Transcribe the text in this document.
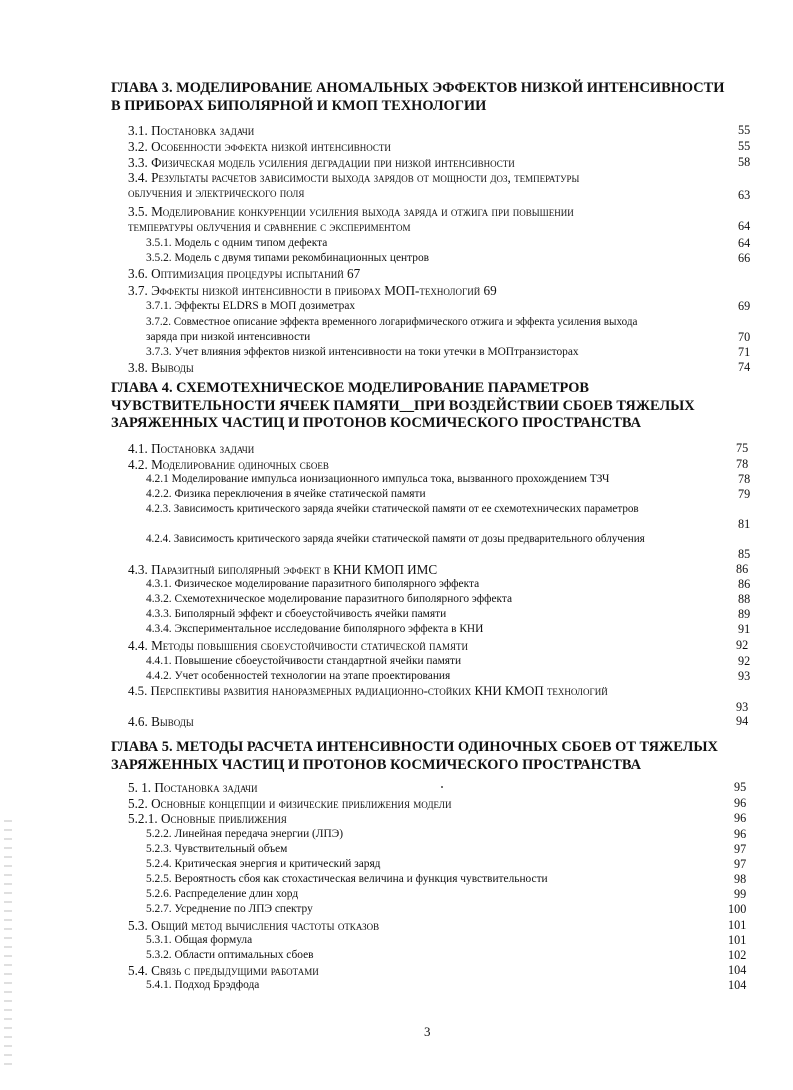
ГЛАВА 3. МОДЕЛИРОВАНИЕ АНОМАЛЬНЫХ ЭФФЕКТОВ НИЗКОЙ ИНТЕНСИВНОСТИ
В ПРИБОРАХ БИПОЛЯРНОЙ И КМОП ТЕХНОЛОГИИ
3.1. Постановка задачи	55
3.2. Особенности эффекта низкой интенсивности	55
3.3. Физическая модель усиления деградации при низкой интенсивности	58
3.4. Результаты расчетов зависимости выхода зарядов от мощности доз, температуры
облучения и электрического поля	63
3.5. Моделирование конкуренции усиления выхода заряда и отжига при повышении
температуры облучения и сравнение с экспериментом	64
3.5.1. Модель с одним типом дефекта	64
3.5.2. Модель с двумя типами рекомбинационных центров	66
3.6. Оптимизация процедуры испытаний 67
3.7. Эффекты низкой интенсивности в приборах МОП-технологий 69
3.7.1. Эффекты ELDRS в МОП дозиметрах	69
3.7.2. Совместное описание эффекта временного логарифмического отжига и эффекта усиления выхода
заряда при низкой интенсивности	70
3.7.3. Учет влияния эффектов низкой интенсивности на токи утечки в МОПтранзисторах	71
3.8. Выводы	74
ГЛАВА 4. СХЕМОТЕХНИЧЕСКОЕ МОДЕЛИРОВАНИЕ ПАРАМЕТРОВ
ЧУВСТВИТЕЛЬНОСТИ ЯЧЕЕК ПАМЯТИ__ПРИ ВОЗДЕЙСТВИИ СБОЕВ ТЯЖЕЛЫХ
ЗАРЯЖЕННЫХ ЧАСТИЦ И ПРОТОНОВ КОСМИЧЕСКОГО ПРОСТРАНСТВА
4.1. Постановка задачи	75
4.2. Моделирование одиночных сбоев	78
4.2.1 Моделирование импульса ионизационного импульса тока, вызванного прохождением ТЗЧ	78
4.2.2. Физика переключения в ячейке статической памяти	79
4.2.3. Зависимость критического заряда ячейки статической памяти от ее схемотехнических параметров
81
4.2.4. Зависимость критического заряда ячейки статической памяти от дозы предварительного облучения
85
4.3. Паразитный биполярный эффект в КНИ КМОП ИМС	86
4.3.1. Физическое моделирование паразитного биполярного эффекта	86
4.3.2. Схемотехническое моделирование паразитного биполярного эффекта	88
4.3.3. Биполярный эффект и сбоеустойчивость ячейки памяти	89
4.3.4. Экспериментальное исследование биполярного эффекта в КНИ	91
4.4. Методы повышения сбоеустойчивости статической памяти	92
4.4.1. Повышение сбоеустойчивости стандартной ячейки памяти	92
4.4.2. Учет особенностей технологии на этапе проектирования	93
4.5. Перспективы развития наноразмерных радиационно-стойких КНИ КМОП технологий
93
4.6. Выводы	94
ГЛАВА 5. МЕТОДЫ РАСЧЕТА ИНТЕНСИВНОСТИ ОДИНОЧНЫХ СБОЕВ ОТ ТЯЖЕЛЫХ
ЗАРЯЖЕННЫХ ЧАСТИЦ И ПРОТОНОВ КОСМИЧЕСКОГО ПРОСТРАНСТВА
5. 1. Постановка задачи	95
5.2. Основные концепции и физические приближения модели	96
5.2.1. Основные приближения	96
5.2.2. Линейная передача энергии (ЛПЭ)	96
5.2.3. Чувствительный объем	97
5.2.4. Критическая энергия и критический заряд	97
5.2.5. Вероятность сбоя как стохастическая величина и функция чувствительности	98
5.2.6. Распределение длин хорд	99
5.2.7. Усреднение по ЛПЭ спектру	100
5.3. Общий метод вычисления частоты отказов	101
5.3.1. Общая формула	101
5.3.2. Области оптимальных сбоев	102
5.4. Связь с предыдущими работами	104
5.4.1. Подход Брэдфода	104
3
